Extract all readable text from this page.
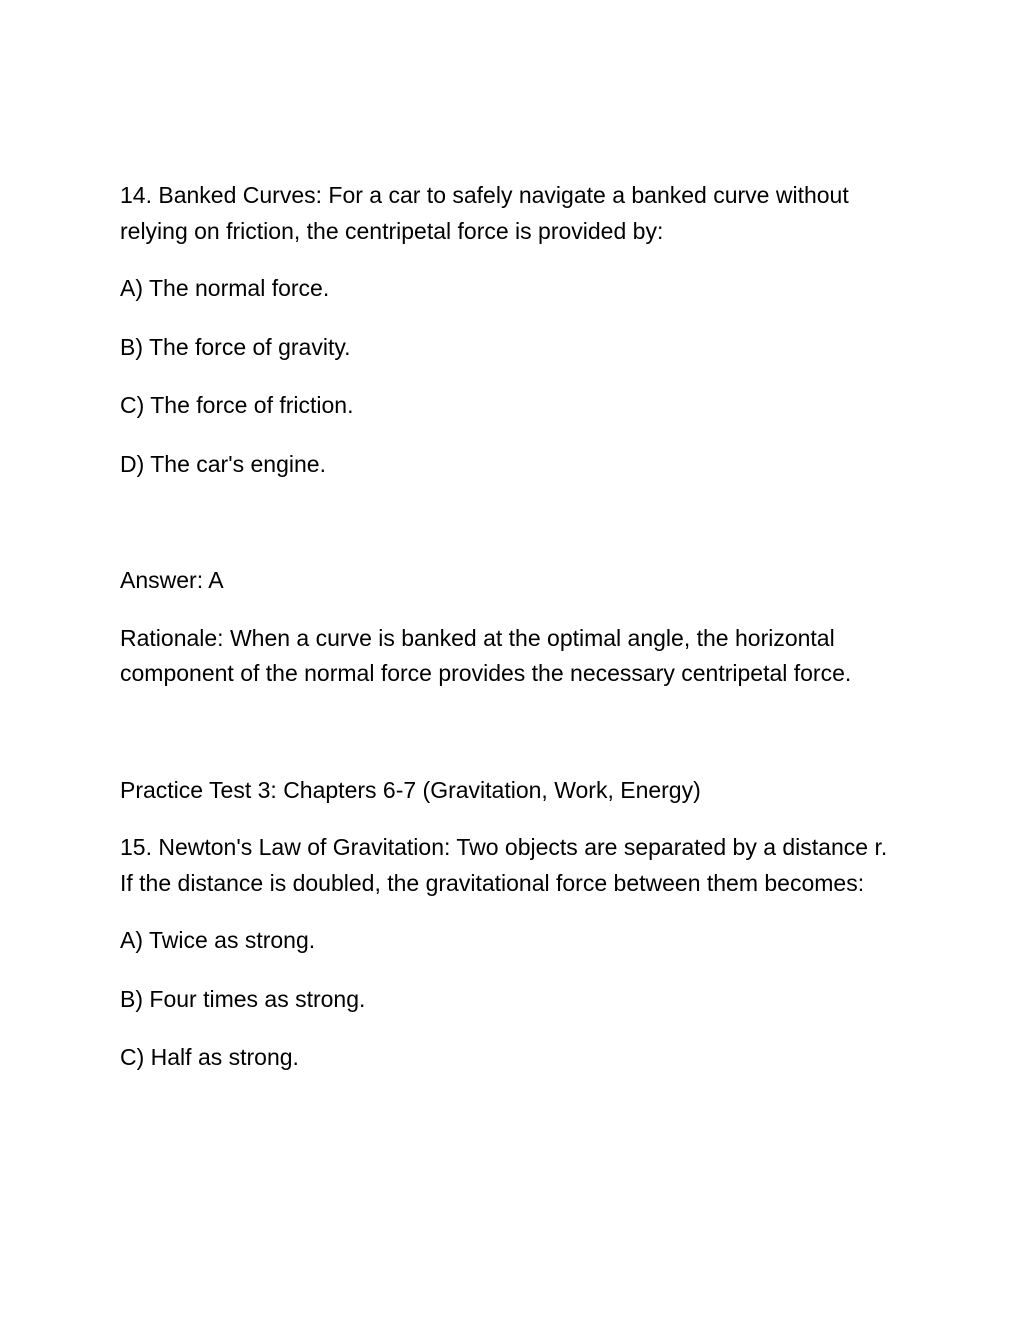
14. Banked Curves: For a car to safely navigate a banked curve without relying on friction, the centripetal force is provided by:

A) The normal force.

B) The force of gravity.

C) The force of friction.

D) The car's engine.

Answer: A

Rationale: When a curve is banked at the optimal angle, the horizontal component of the normal force provides the necessary centripetal force.

Practice Test 3: Chapters 6-7 (Gravitation, Work, Energy)

15. Newton's Law of Gravitation: Two objects are separated by a distance r. If the distance is doubled, the gravitational force between them becomes:

A) Twice as strong.

B) Four times as strong.

C) Half as strong.
